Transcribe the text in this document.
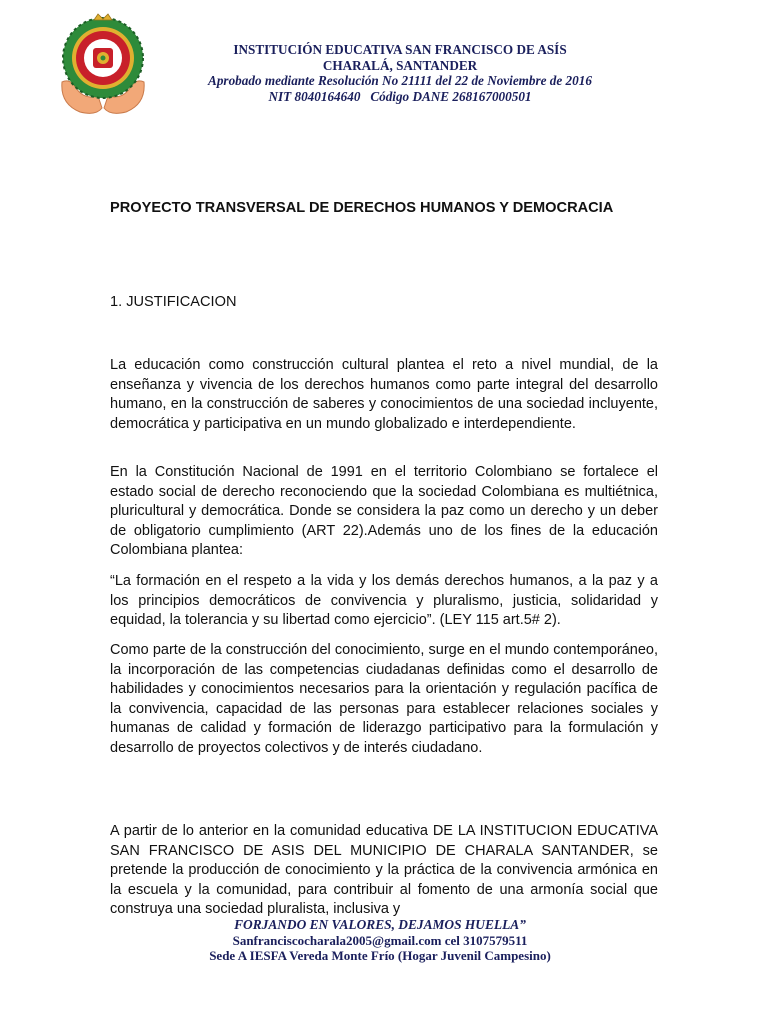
INSTITUCIÓN EDUCATIVA SAN FRANCISCO DE ASÍS
CHARALÁ, SANTANDER
Aprobado mediante Resolución No 21111 del 22 de Noviembre de 2016
NIT 8040164640   Código DANE 268167000501
PROYECTO TRANSVERSAL DE DERECHOS HUMANOS Y DEMOCRACIA
1. JUSTIFICACION

La educación como construcción cultural plantea el reto a nivel mundial, de la enseñanza y vivencia de los derechos humanos como parte integral del desarrollo humano, en la construcción de saberes y conocimientos de una sociedad incluyente, democrática y participativa en un mundo globalizado e interdependiente.

En la Constitución Nacional de 1991 en el territorio Colombiano se fortalece el estado social de derecho reconociendo que la sociedad Colombiana es multiétnica, pluricultural y democrática. Donde se considera la paz como un derecho y un deber de obligatorio cumplimiento (ART 22).Además uno de los fines de la educación Colombiana plantea:

“La formación en el respeto a la vida y los demás derechos humanos, a la paz y a los principios democráticos de convivencia y pluralismo, justicia, solidaridad y equidad, la tolerancia y su libertad como ejercicio”. (LEY 115 art.5# 2).

Como parte de la construcción del conocimiento, surge en el mundo contemporáneo, la incorporación de las competencias ciudadanas definidas como el desarrollo de habilidades y conocimientos necesarios para la orientación y regulación pacífica de la convivencia, capacidad de las personas para establecer relaciones sociales y humanas de calidad y formación de liderazgo participativo para la formulación y desarrollo de proyectos colectivos y de interés ciudadano.

A partir de lo anterior en la comunidad educativa DE LA INSTITUCION EDUCATIVA SAN FRANCISCO DE ASIS DEL MUNICIPIO DE CHARALA SANTANDER, se pretende la producción de conocimiento y la práctica de la convivencia armónica en la escuela y la comunidad, para contribuir al fomento de una armonía social que construya una sociedad pluralista, inclusiva y

FORJANDO EN VALORES, DEJAMOS HUELLA”
Sanfranciscocharala2005@gmail.com cel 3107579511
Sede A IESFA Vereda Monte Frío (Hogar Juvenil Campesino)
